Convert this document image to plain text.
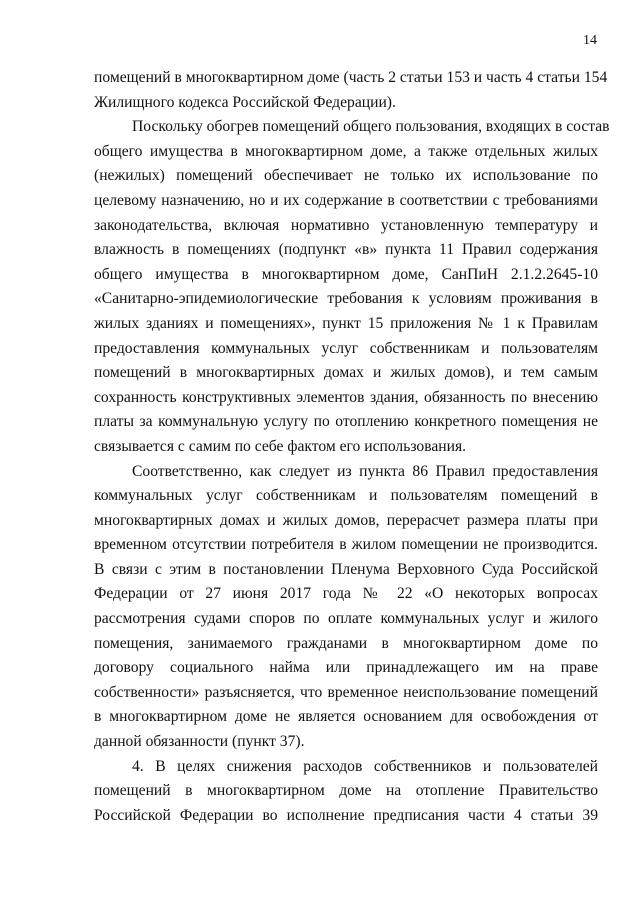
14
помещений в многоквартирном доме (часть 2 статьи 153 и часть 4 статьи 154
Жилищного кодекса Российской Федерации).
Поскольку обогрев помещений общего пользования, входящих в состав
общего имущества в многоквартирном доме, а также отдельных жилых
(нежилых) помещений обеспечивает не только их использование по
целевому назначению, но и их содержание в соответствии с требованиями
законодательства, включая нормативно установленную температуру и
влажность в помещениях (подпункт «в» пункта 11 Правил содержания
общего имущества в многоквартирном доме, СанПиН 2.1.2.2645-10
«Санитарно-эпидемиологические требования к условиям проживания в
жилых зданиях и помещениях», пункт 15 приложения № 1 к Правилам
предоставления коммунальных услуг собственникам и пользователям
помещений в многоквартирных домах и жилых домов), и тем самым
сохранность конструктивных элементов здания, обязанность по внесению
платы за коммунальную услугу по отоплению конкретного помещения не
связывается с самим по себе фактом его использования.
Соответственно, как следует из пункта 86 Правил предоставления
коммунальных услуг собственникам и пользователям помещений в
многоквартирных домах и жилых домов, перерасчет размера платы при
временном отсутствии потребителя в жилом помещении не производится.
В связи с этим в постановлении Пленума Верховного Суда Российской
Федерации от 27 июня 2017 года № 22 «О некоторых вопросах
рассмотрения судами споров по оплате коммунальных услуг и жилого
помещения, занимаемого гражданами в многоквартирном доме по
договору социального найма или принадлежащего им на праве
собственности» разъясняется, что временное неиспользование помещений
в многоквартирном доме не является основанием для освобождения от
данной обязанности (пункт 37).
4. В целях снижения расходов собственников и пользователей
помещений в многоквартирном доме на отопление Правительство
Российской Федерации во исполнение предписания части 4 статьи 39
